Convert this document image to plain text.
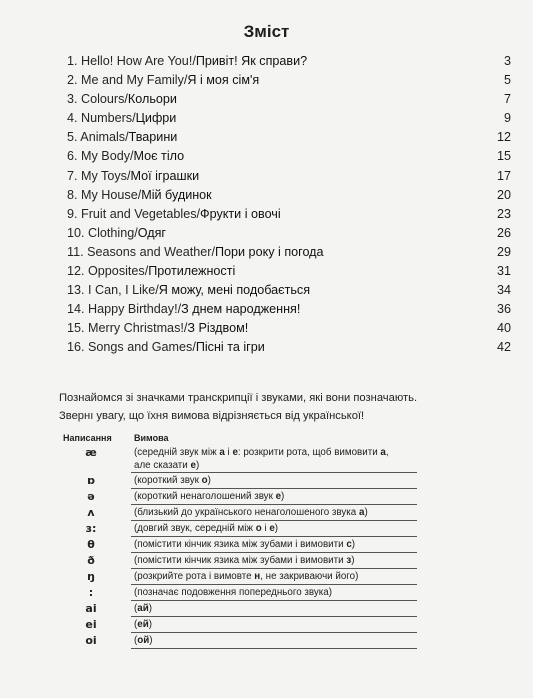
Зміст
1. Hello! How Are You!/Привіт! Як справи?	3
2. Me and My Family/Я і моя сім'я	5
3. Colours/Кольори	7
4. Numbers/Цифри	9
5. Animals/Тварини	12
6. My Body/Моє тіло	15
7. My Toys/Мої іграшки	17
8. My House/Мій будинок	20
9. Fruit and Vegetables/Фрукти і овочі	23
10. Clothing/Одяг	26
11. Seasons and Weather/Пори року і погода	29
12. Opposites/Протилежності	31
13. I Can, I Like/Я можу, мені подобається	34
14. Happy Birthday!/З днем народження!	36
15. Merry Christmas!/З Різдвом!	40
16. Songs and Games/Пісні та ігри	42
Познайомся зі значками транскрипції і звуками, які вони позначають.
Звернı увагу, що їхня вимова відрізняється від української!
Написання Вимова
æ	(середній звук між а і е: розкрити рота, щоб вимовити а,
але сказати е)
ɒ	(короткий звук о)
ə	(короткий ненаголошений звук е)
ʌ	(близький до українського ненаголошеного звука а)
з:	(довгий звук, середній між о і е)
θ	(помістити кінчик язика між зубами і вимовити с)
ð	(помістити кінчик язика між зубами і вимовити з)
ŋ	(розкрийте рота і вимовте н, не закриваючи його)
:	(позначає подовження попереднього звука)
ai	(ай)
ei	(ей)
oi	(ой)
